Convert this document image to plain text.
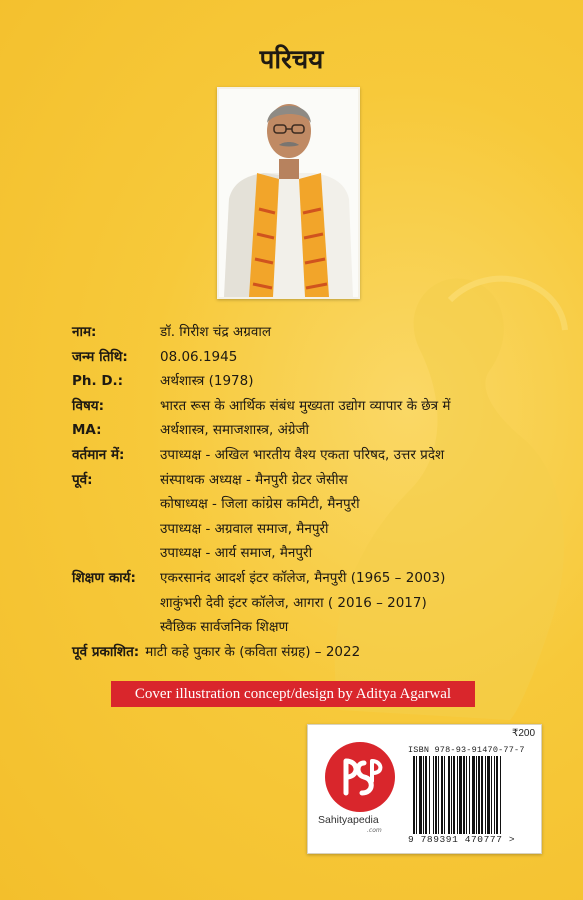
परिचय
नाम:	डॉ. गिरीश चंद्र अग्रवाल
जन्म तिथि:	08.06.1945
Ph. D.:	अर्थशास्त्र (1978)
विषय:	भारत रूस के आर्थिक संबंध मुख्यता उद्योग व्यापार के छेत्र में
MA:	अर्थशास्त्र, समाजशास्त्र, अंग्रेजी
वर्तमान में:	उपाध्यक्ष - अखिल भारतीय वैश्य एकता परिषद, उत्तर प्रदेश
पूर्व:	संस्पाथक अध्यक्ष - मैनपुरी ग्रेटर जेसीस
कोषाध्यक्ष - जिला कांग्रेस कमिटी, मैनपुरी
उपाध्यक्ष - अग्रवाल समाज, मैनपुरी
उपाध्यक्ष - आर्य समाज, मैनपुरी
शिक्षण कार्य:	एकरसानंद आदर्श इंटर कॉलेज, मैनपुरी (1965 – 2003)
शाकुंभरी देवी इंटर कॉलेज, आगरा ( 2016 – 2017)
स्वैछिक सार्वजनिक शिक्षण
पूर्व प्रकाशित: माटी कहे पुकार के (कविता संग्रह) – 2022
Cover illustration concept/design by Aditya Agarwal
₹200
Sahityapedia
.com
ISBN 978-93-91470-77-7
9 789391 470777 >
